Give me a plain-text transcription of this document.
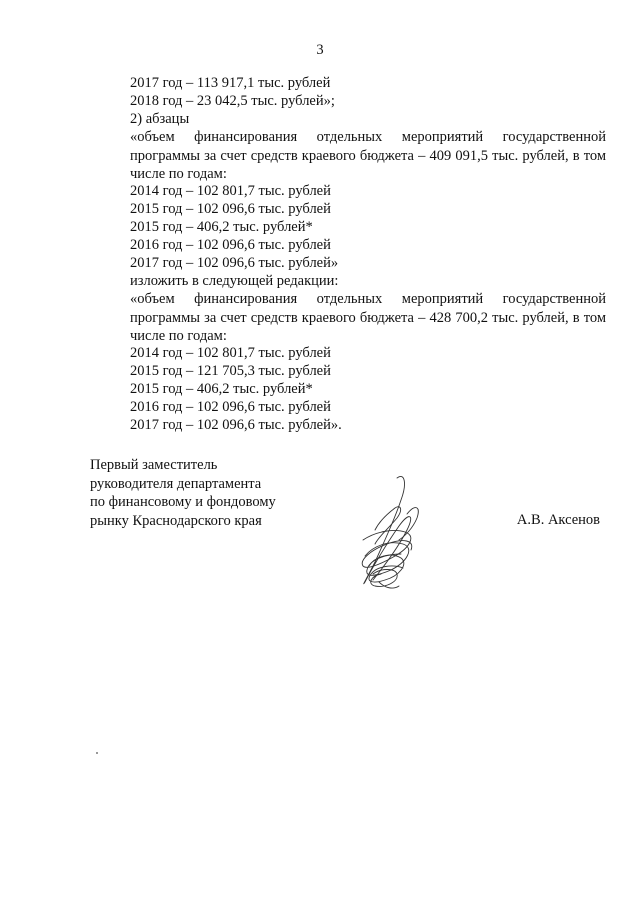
3
2017 год – 113 917,1 тыс. рублей
2018 год – 23 042,5 тыс. рублей»;
2) абзацы
«объем финансирования отдельных мероприятий государственной программы за счет средств краевого бюджета – 409 091,5 тыс. рублей, в том числе по годам:
2014 год – 102 801,7 тыс. рублей
2015 год – 102 096,6 тыс. рублей
2015 год – 406,2 тыс. рублей*
2016 год – 102 096,6 тыс. рублей
2017 год – 102 096,6 тыс. рублей»
изложить в следующей редакции:
«объем финансирования отдельных мероприятий государственной программы за счет средств краевого бюджета – 428 700,2 тыс. рублей, в том числе по годам:
2014 год – 102 801,7 тыс. рублей
2015 год – 121 705,3 тыс. рублей
2015 год – 406,2 тыс. рублей*
2016 год – 102 096,6 тыс. рублей
2017 год – 102 096,6 тыс. рублей».
Первый заместитель
руководителя департамента
по финансовому и фондовому
рынку Краснодарского края	А.В. Аксенов
